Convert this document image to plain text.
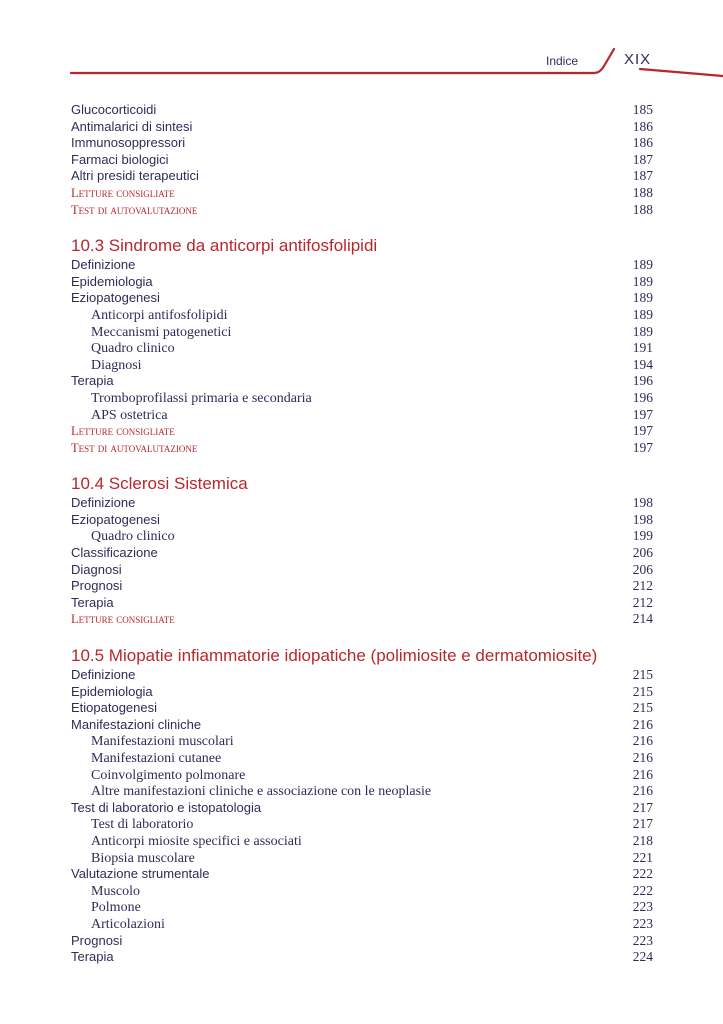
Indice	XIX
Glucocorticoidi	185
Antimalarici di sintesi	186
Immunosoppressori	186
Farmaci biologici	187
Altri presidi terapeutici	187
Letture consigliate	188
Test di autovalutazione	188
10.3 Sindrome da anticorpi antifosfolipidi
Definizione	189
Epidemiologia	189
Eziopatogenesi	189
Anticorpi antifosfolipidi	189
Meccanismi patogenetici	189
Quadro clinico	191
Diagnosi	194
Terapia	196
Tromboprofilassi primaria e secondaria	196
APS ostetrica	197
Letture consigliate	197
Test di autovalutazione	197
10.4 Sclerosi Sistemica
Definizione	198
Eziopatogenesi	198
Quadro clinico	199
Classificazione	206
Diagnosi	206
Prognosi	212
Terapia	212
Letture consigliate	214
10.5 Miopatie infiammatorie idiopatiche (polimiosite e dermatomiosite)
Definizione	215
Epidemiologia	215
Etiopatogenesi	215
Manifestazioni cliniche	216
Manifestazioni muscolari	216
Manifestazioni cutanee	216
Coinvolgimento polmonare	216
Altre manifestazioni cliniche e associazione con le neoplasie	216
Test di laboratorio e istopatologia	217
Test di laboratorio	217
Anticorpi miosite specifici e associati	218
Biopsia muscolare	221
Valutazione strumentale	222
Muscolo	222
Polmone	223
Articolazioni	223
Prognosi	223
Terapia	224
